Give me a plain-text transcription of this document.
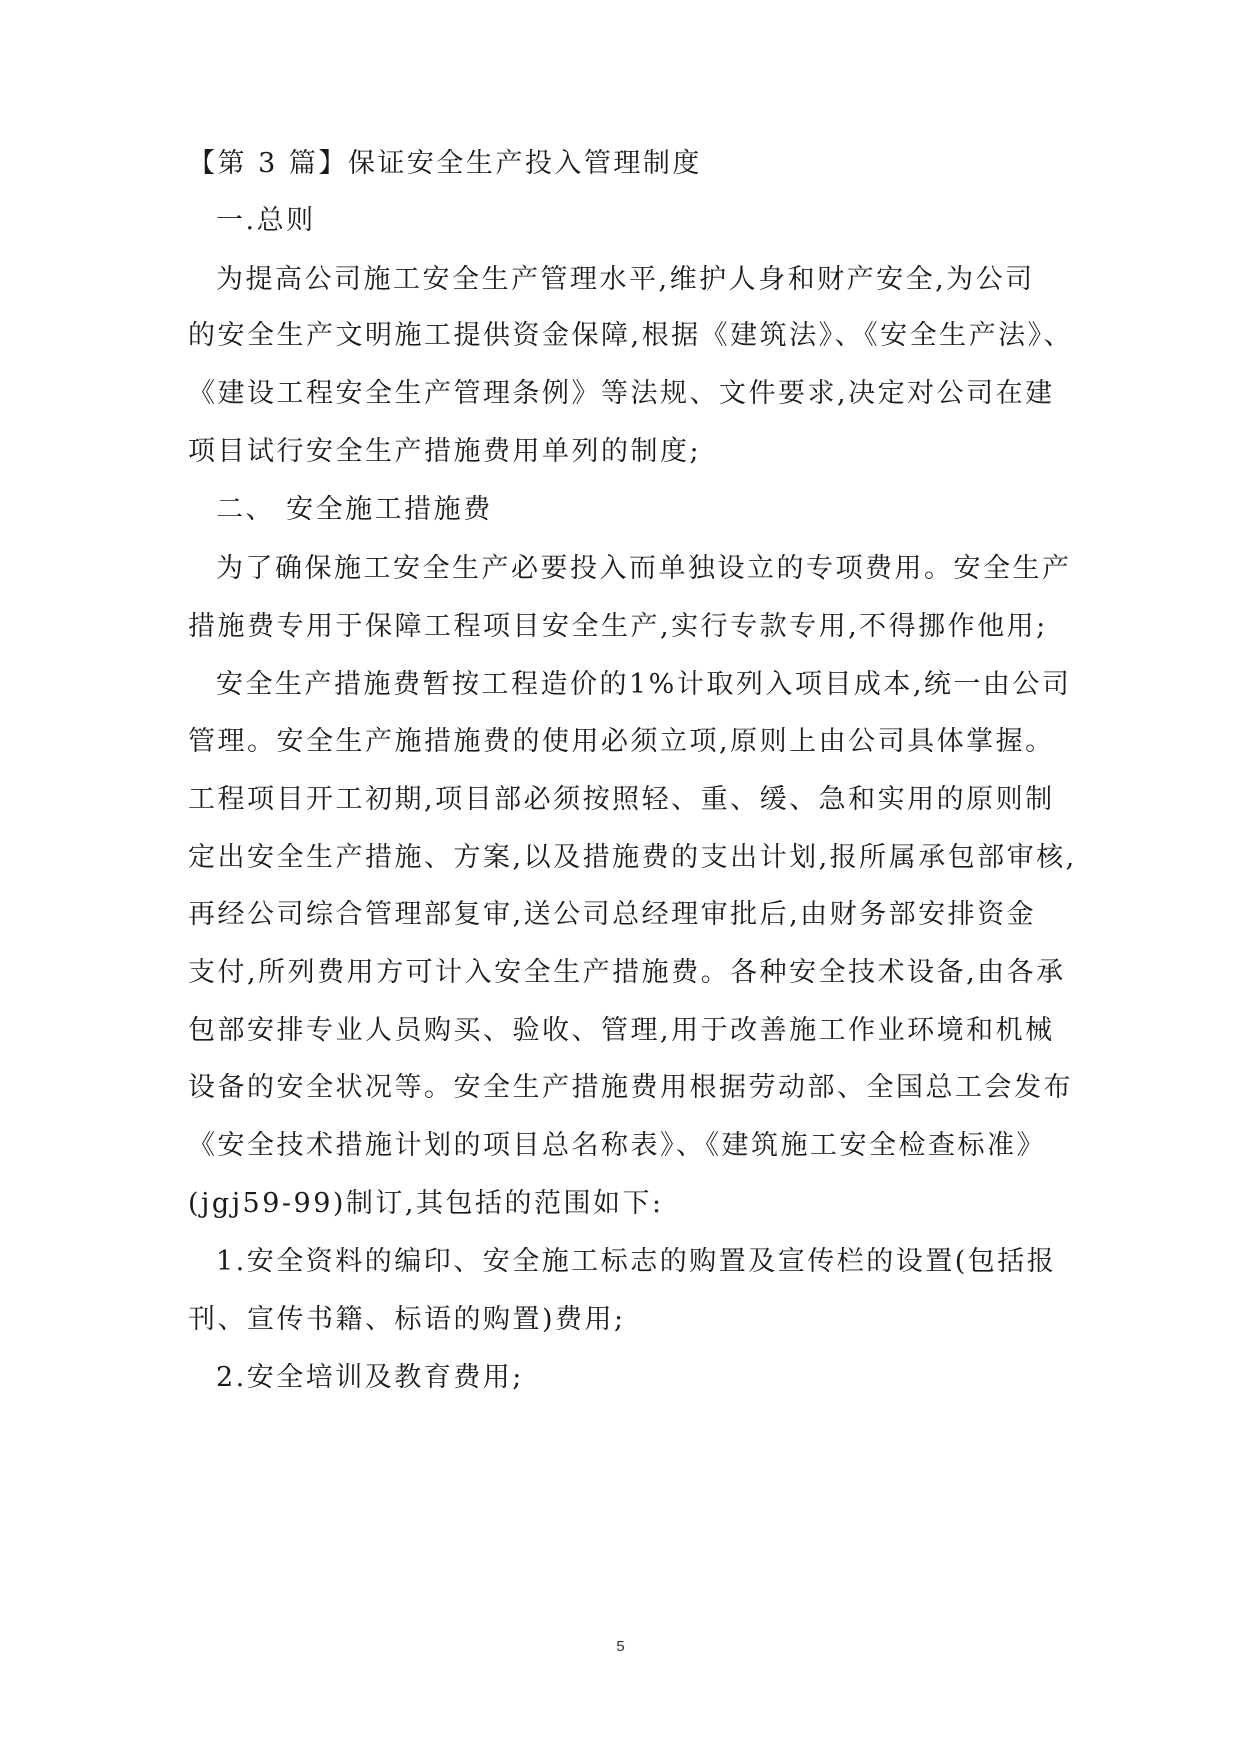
【第 3 篇】保证安全生产投入管理制度
一.总则
为提高公司施工安全生产管理水平,维护人身和财产安全,为公司
的安全生产文明施工提供资金保障,根据《建筑法》、《安全生产法》、
《建设工程安全生产管理条例》等法规、文件要求,决定对公司在建
项目试行安全生产措施费用单列的制度;
二、 安全施工措施费
为了确保施工安全生产必要投入而单独设立的专项费用。安全生产
措施费专用于保障工程项目安全生产,实行专款专用,不得挪作他用;
安全生产措施费暂按工程造价的1%计取列入项目成本,统一由公司
管理。安全生产施措施费的使用必须立项,原则上由公司具体掌握。
工程项目开工初期,项目部必须按照轻、重、缓、急和实用的原则制
定出安全生产措施、方案,以及措施费的支出计划,报所属承包部审核,
再经公司综合管理部复审,送公司总经理审批后,由财务部安排资金
支付,所列费用方可计入安全生产措施费。各种安全技术设备,由各承
包部安排专业人员购买、验收、管理,用于改善施工作业环境和机械
设备的安全状况等。安全生产措施费用根据劳动部、全国总工会发布
《安全技术措施计划的项目总名称表》、《建筑施工安全检查标准》
(jgj59-99)制订,其包括的范围如下:
1.安全资料的编印、安全施工标志的购置及宣传栏的设置(包括报
刊、宣传书籍、标语的购置)费用;
2.安全培训及教育费用;
5
